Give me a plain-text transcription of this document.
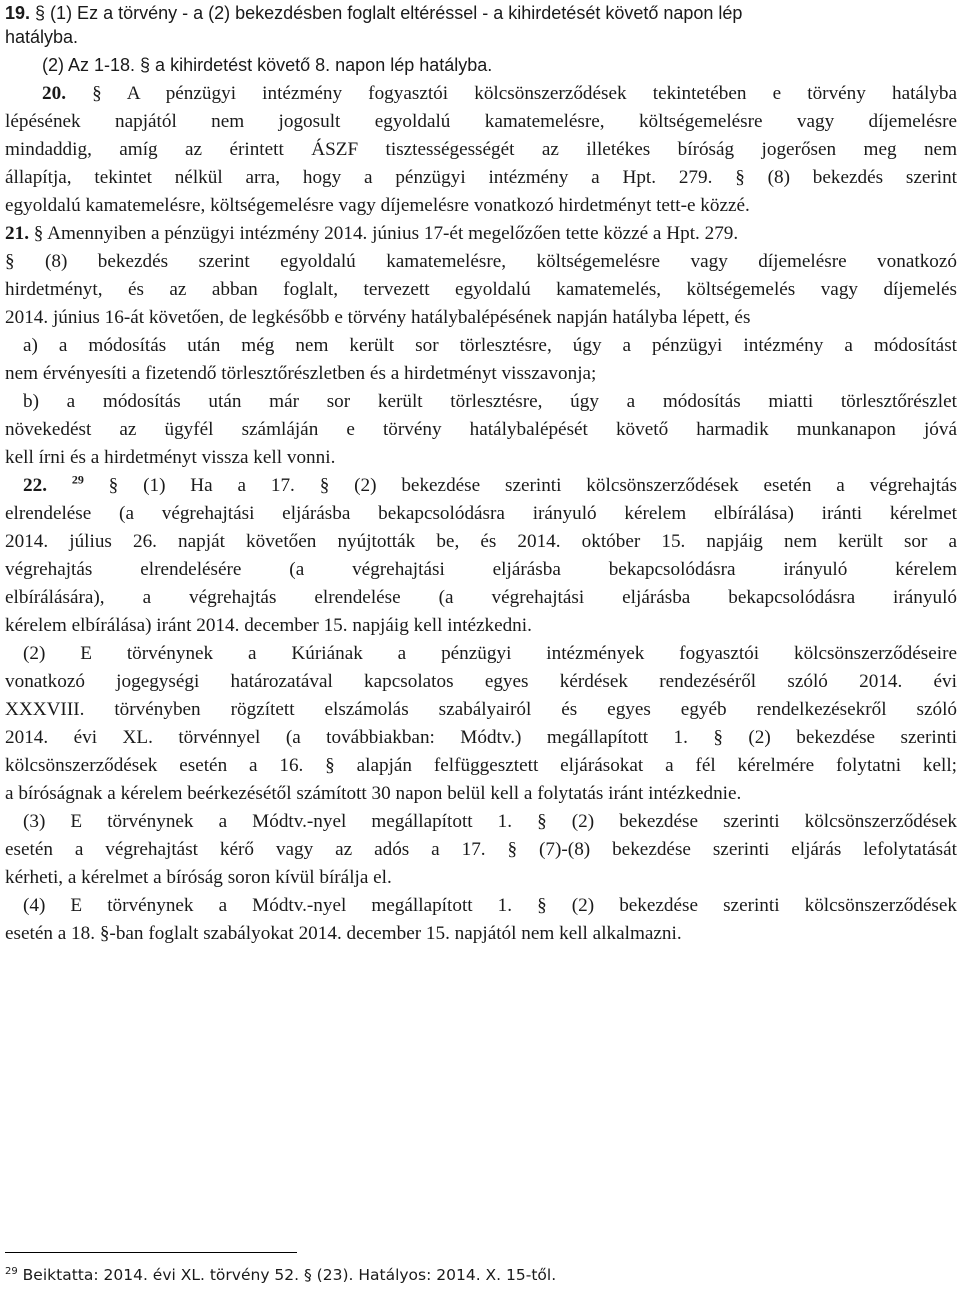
19. § (1) Ez a törvény - a (2) bekezdésben foglalt eltéréssel - a kihirdetését követő napon lép
hatályba.
(2) Az 1-18. § a kihirdetést követő 8. napon lép hatályba.
20. § A pénzügyi intézmény fogyasztói kölcsönszerződések tekintetében e törvény hatályba
lépésének napjától nem jogosult egyoldalú kamatemelésre, költségemelésre vagy díjemelésre
mindaddig, amíg az érintett ÁSZF tisztességességét az illetékes bíróság jogerősen meg nem
állapítja, tekintet nélkül arra, hogy a pénzügyi intézmény a Hpt. 279. § (8) bekezdés szerint
egyoldalú kamatemelésre, költségemelésre vagy díjemelésre vonatkozó hirdetményt tett-e közzé.
21. § Amennyiben a pénzügyi intézmény 2014. június 17-ét megelőzően tette közzé a Hpt. 279.
§ (8) bekezdés szerint egyoldalú kamatemelésre, költségemelésre vagy díjemelésre vonatkozó
hirdetményt, és az abban foglalt, tervezett egyoldalú kamatemelés, költségemelés vagy díjemelés
2014. június 16-át követően, de legkésőbb e törvény hatálybalépésének napján hatályba lépett, és
a) a módosítás után még nem került sor törlesztésre, úgy a pénzügyi intézmény a módosítást
nem érvényesíti a fizetendő törlesztőrészletben és a hirdetményt visszavonja;
b) a módosítás után már sor került törlesztésre, úgy a módosítás miatti törlesztőrészlet
növekedést az ügyfél számláján e törvény hatálybalépését követő harmadik munkanapon jóvá
kell írni és a hirdetményt vissza kell vonni.
22. $^{29}$ § (1) Ha a 17. § (2) bekezdése szerinti kölcsönszerződések esetén a végrehajtás
elrendelése (a végrehajtási eljárásba bekapcsolódásra irányuló kérelem elbírálása) iránti kérelmet
2014. július 26. napját követően nyújtották be, és 2014. október 15. napjáig nem került sor a
végrehajtás elrendelésére (a végrehajtási eljárásba bekapcsolódásra irányuló kérelem
elbírálására), a végrehajtás elrendelése (a végrehajtási eljárásba bekapcsolódásra irányuló
kérelem elbírálása) iránt 2014. december 15. napjáig kell intézkedni.
(2) E törvénynek a Kúriának a pénzügyi intézmények fogyasztói kölcsönszerződéseire
vonatkozó jogegységi határozatával kapcsolatos egyes kérdések rendezéséről szóló 2014. évi
XXXVIII. törvényben rögzített elszámolás szabályairól és egyes egyéb rendelkezésekről szóló
2014. évi XL. törvénnyel (a továbbiakban: Módtv.) megállapított 1. § (2) bekezdése szerinti
kölcsönszerződések esetén a 16. § alapján felfüggesztett eljárásokat a fél kérelmére folytatni kell;
a bíróságnak a kérelem beérkezésétől számított 30 napon belül kell a folytatás iránt intézkednie.
(3) E törvénynek a Módtv.-nyel megállapított 1. § (2) bekezdése szerinti kölcsönszerződések
esetén a végrehajtást kérő vagy az adós a 17. § (7)-(8) bekezdése szerinti eljárás lefolytatását
kérheti, a kérelmet a bíróság soron kívül bírálja el.
(4) E törvénynek a Módtv.-nyel megállapított 1. § (2) bekezdése szerinti kölcsönszerződések
esetén a 18. §-ban foglalt szabályokat 2014. december 15. napjától nem kell alkalmazni.
$^{29}$ Beiktatta: 2014. évi XL. törvény 52. § (23). Hatályos: 2014. X. 15-től.
